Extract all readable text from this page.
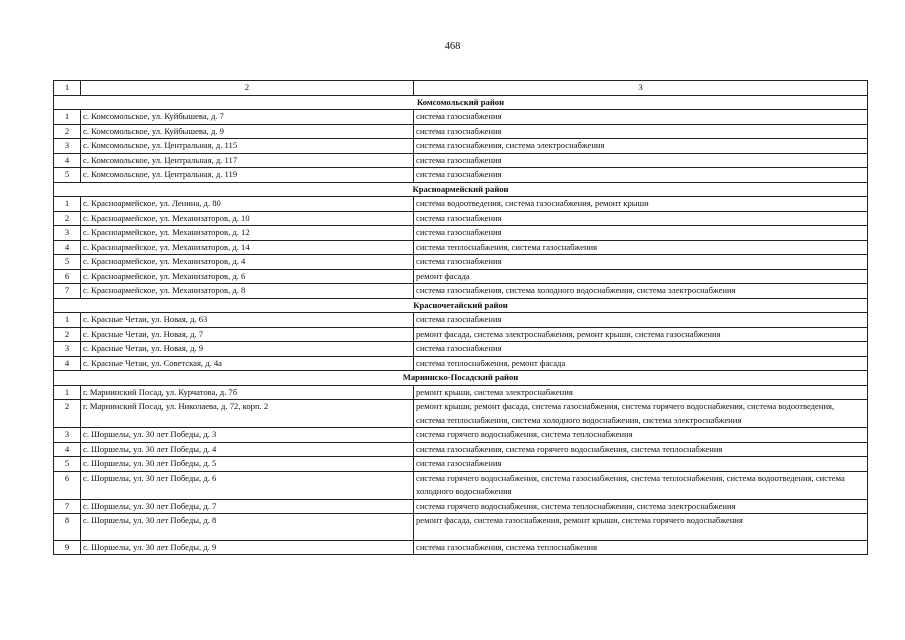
468
1	2	3
Комсомольский район		
1	с. Комсомольское, ул. Куйбышева, д. 7	система газоснабжения
2	с. Комсомольское, ул. Куйбышева, д. 9	система газоснабжения
3	с. Комсомольское, ул. Центральная, д. 115	система газоснабжения, система электроснабжения
4	с. Комсомольское, ул. Центральная, д. 117	система газоснабжения
5	с. Комсомольское, ул. Центральная, д. 119	система газоснабжения
Красноармейский район		
1	с. Красноармейское, ул. Ленина, д. 80	система водоотведения, система газоснабжения, ремонт крыши
2	с. Красноармейское, ул. Механизаторов, д. 10	система газоснабжения
3	с. Красноармейское, ул. Механизаторов, д. 12	система газоснабжения
4	с. Красноармейское, ул. Механизаторов, д. 14	система теплоснабжения, система газоснабжения
5	с. Красноармейское, ул. Механизаторов, д. 4	система газоснабжения
6	с. Красноармейское, ул. Механизаторов, д. 6	ремонт фасада
7	с. Красноармейское, ул. Механизаторов, д. 8	система газоснабжения, система холодного водоснабжения, система электроснабжения
Красночетайский район		
1	с. Красные Четаи, ул. Новая, д. 63	система газоснабжения
2	с. Красные Четаи, ул. Новая, д. 7	ремонт фасада, система электроснабжения, ремонт крыши, система газоснабжения
3	с. Красные Четаи, ул. Новая, д. 9	система газоснабжения
4	с. Красные Четаи, ул. Советская, д. 4а	система теплоснабжения, ремонт фасада
Мариинско-Посадский район		
1	г. Мариинский Посад, ул. Курчатова, д. 7б	ремонт крыши, система электроснабжения
2	г. Мариинский Посад, ул. Николаева, д. 72, корп. 2	ремонт крыши, ремонт фасада, система газоснабжения, система горячего водоснабжения, система водоотведения, система теплоснабжения, система холодного водоснабжения, система электроснабжения
3	с. Шоршелы, ул. 30 лет Победы, д. 3	система горячего водоснабжения, система теплоснабжения
4	с. Шоршелы, ул. 30 лет Победы, д. 4	система газоснабжения, система горячего водоснабжения, система теплоснабжения
5	с. Шоршелы, ул. 30 лет Победы, д. 5	система газоснабжения
6	с. Шоршелы, ул. 30 лет Победы, д. 6	система горячего водоснабжения, система газоснабжения, система теплоснабжения, система водоотведения, система холодного водоснабжения
7	с. Шоршелы, ул. 30 лет Победы, д. 7	система горячего водоснабжения, система теплоснабжения, система электроснабжения
8	с. Шоршелы, ул. 30 лет Победы, д. 8	ремонт фасада, система газоснабжения, ремонт крыши, система горячего водоснабжения
9	с. Шоршелы, ул. 30 лет Победы, д. 9	система газоснабжения, система теплоснабжения
